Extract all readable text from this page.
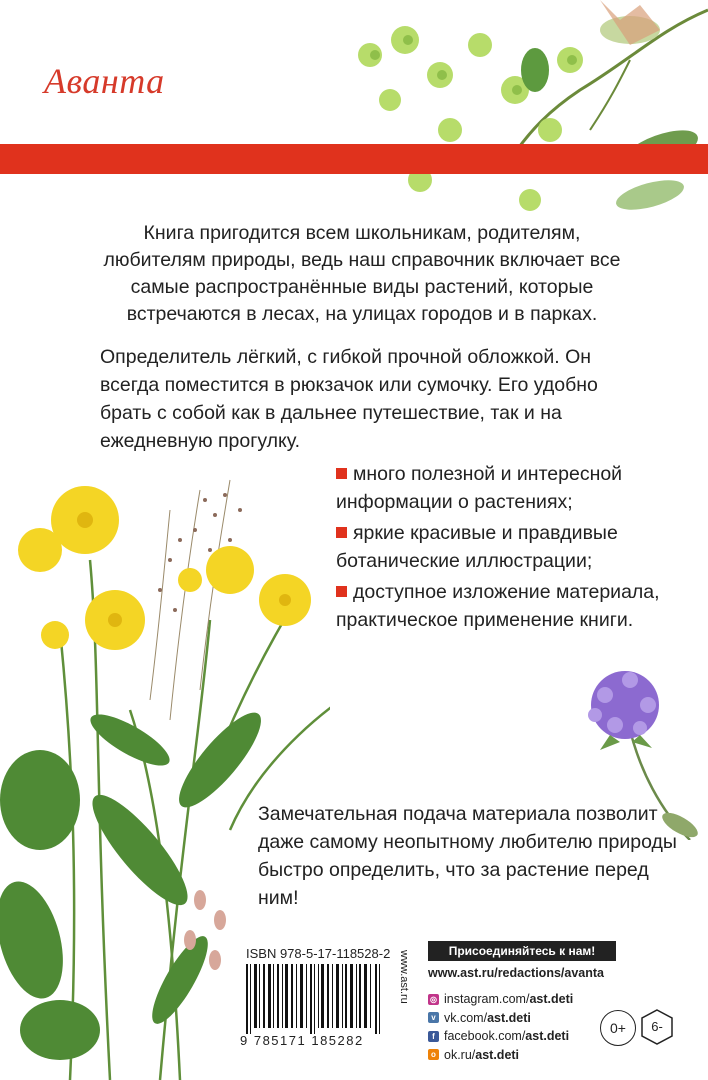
Аванта
Книга пригодится всем школьникам, родителям, любителям природы, ведь наш справочник включает все самые распространённые виды растений, которые встречаются в лесах, на улицах городов и в парках.
Определитель лёгкий, с гибкой прочной обложкой. Он всегда поместится в рюкзачок или сумочку. Его удобно брать с собой как в дальнее путешествие, так и на ежедневную прогулку.
много полезной и интересной информации о растениях;
яркие красивые и правдивые ботанические иллюстрации;
доступное изложение материала, практическое применение книги.
Замечательная подача материала позволит даже самому неопытному любителю природы быстро определить, что за растение перед ним!
ISBN 978-5-17-118528-2
9 785171 185282
www.ast.ru	Присоединяйтесь к нам!
www.ast.ru/redactions/avanta
◎ instagram.com/ ast.deti
v vk.com/ ast.deti
f facebook.com/ ast.deti
o ok.ru/ ast.deti
0+	6-
